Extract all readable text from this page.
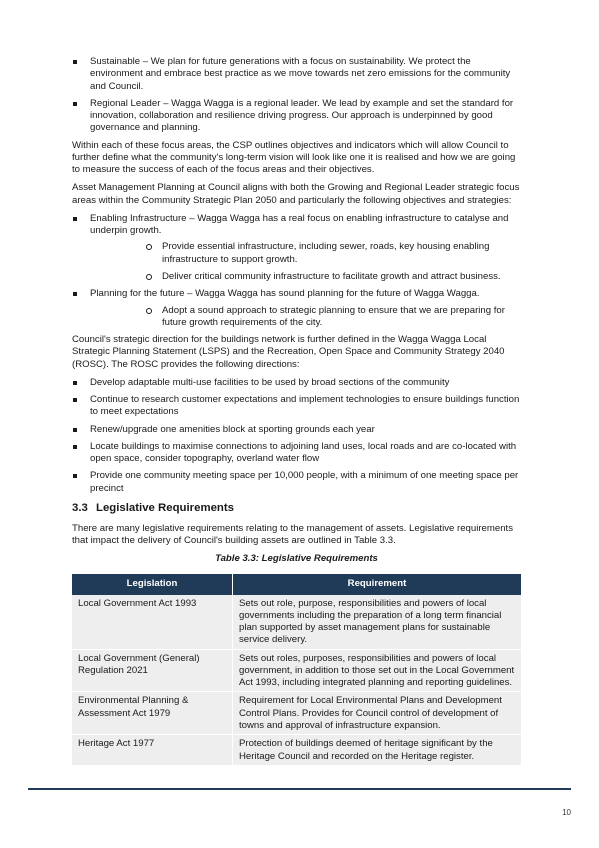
Sustainable – We plan for future generations with a focus on sustainability. We protect the environment and embrace best practice as we move towards net zero emissions for the community and Council.
Regional Leader – Wagga Wagga is a regional leader. We lead by example and set the standard for innovation, collaboration and resilience driving progress. Our approach is underpinned by good governance and planning.

Within each of these focus areas, the CSP outlines objectives and indicators which will allow Council to further define what the community's long-term vision will look like one it is realised and how we are going to measure the success of each of the focus areas and their objectives.

Asset Management Planning at Council aligns with both the Growing and Regional Leader strategic focus areas within the Community Strategic Plan 2050 and particularly the following objectives and strategies:

Enabling Infrastructure – Wagga Wagga has a real focus on enabling infrastructure to catalyse and underpin growth.
Provide essential infrastructure, including sewer, roads, key housing enabling infrastructure to support growth.
Deliver critical community infrastructure to facilitate growth and attract business.
Planning for the future – Wagga Wagga has sound planning for the future of Wagga Wagga.
Adopt a sound approach to strategic planning to ensure that we are preparing for future growth requirements of the city.

Council's strategic direction for the buildings network is further defined in the Wagga Wagga Local Strategic Planning Statement (LSPS) and the Recreation, Open Space and Community Strategy 2040 (ROSC). The ROSC provides the following directions:

Develop adaptable multi-use facilities to be used by broad sections of the community
Continue to research customer expectations and implement technologies to ensure buildings function to meet expectations
Renew/upgrade one amenities block at sporting grounds each year
Locate buildings to maximise connections to adjoining land uses, local roads and are co-located with open space, consider topography, overland water flow
Provide one community meeting space per 10,000 people, with a minimum of one meeting space per precinct
3.3 Legislative Requirements

There are many legislative requirements relating to the management of assets. Legislative requirements that impact the delivery of Council's building assets are outlined in Table 3.3.

Table 3.3: Legislative Requirements
Legislation	Requirement
Local Government Act 1993	Sets out role, purpose, responsibilities and powers of local governments including the preparation of a long term financial plan supported by asset management plans for sustainable service delivery.
Local Government (General) Regulation 2021	Sets out roles, purposes, responsibilities and powers of local government, in addition to those set out in the Local Government Act 1993, including integrated planning and reporting guidelines.
Environmental Planning & Assessment Act 1979	Requirement for Local Environmental Plans and Development Control Plans. Provides for Council control of development of towns and approval of infrastructure expansion.
Heritage Act 1977	Protection of buildings deemed of heritage significant by the Heritage Council and recorded on the Heritage register.
10
